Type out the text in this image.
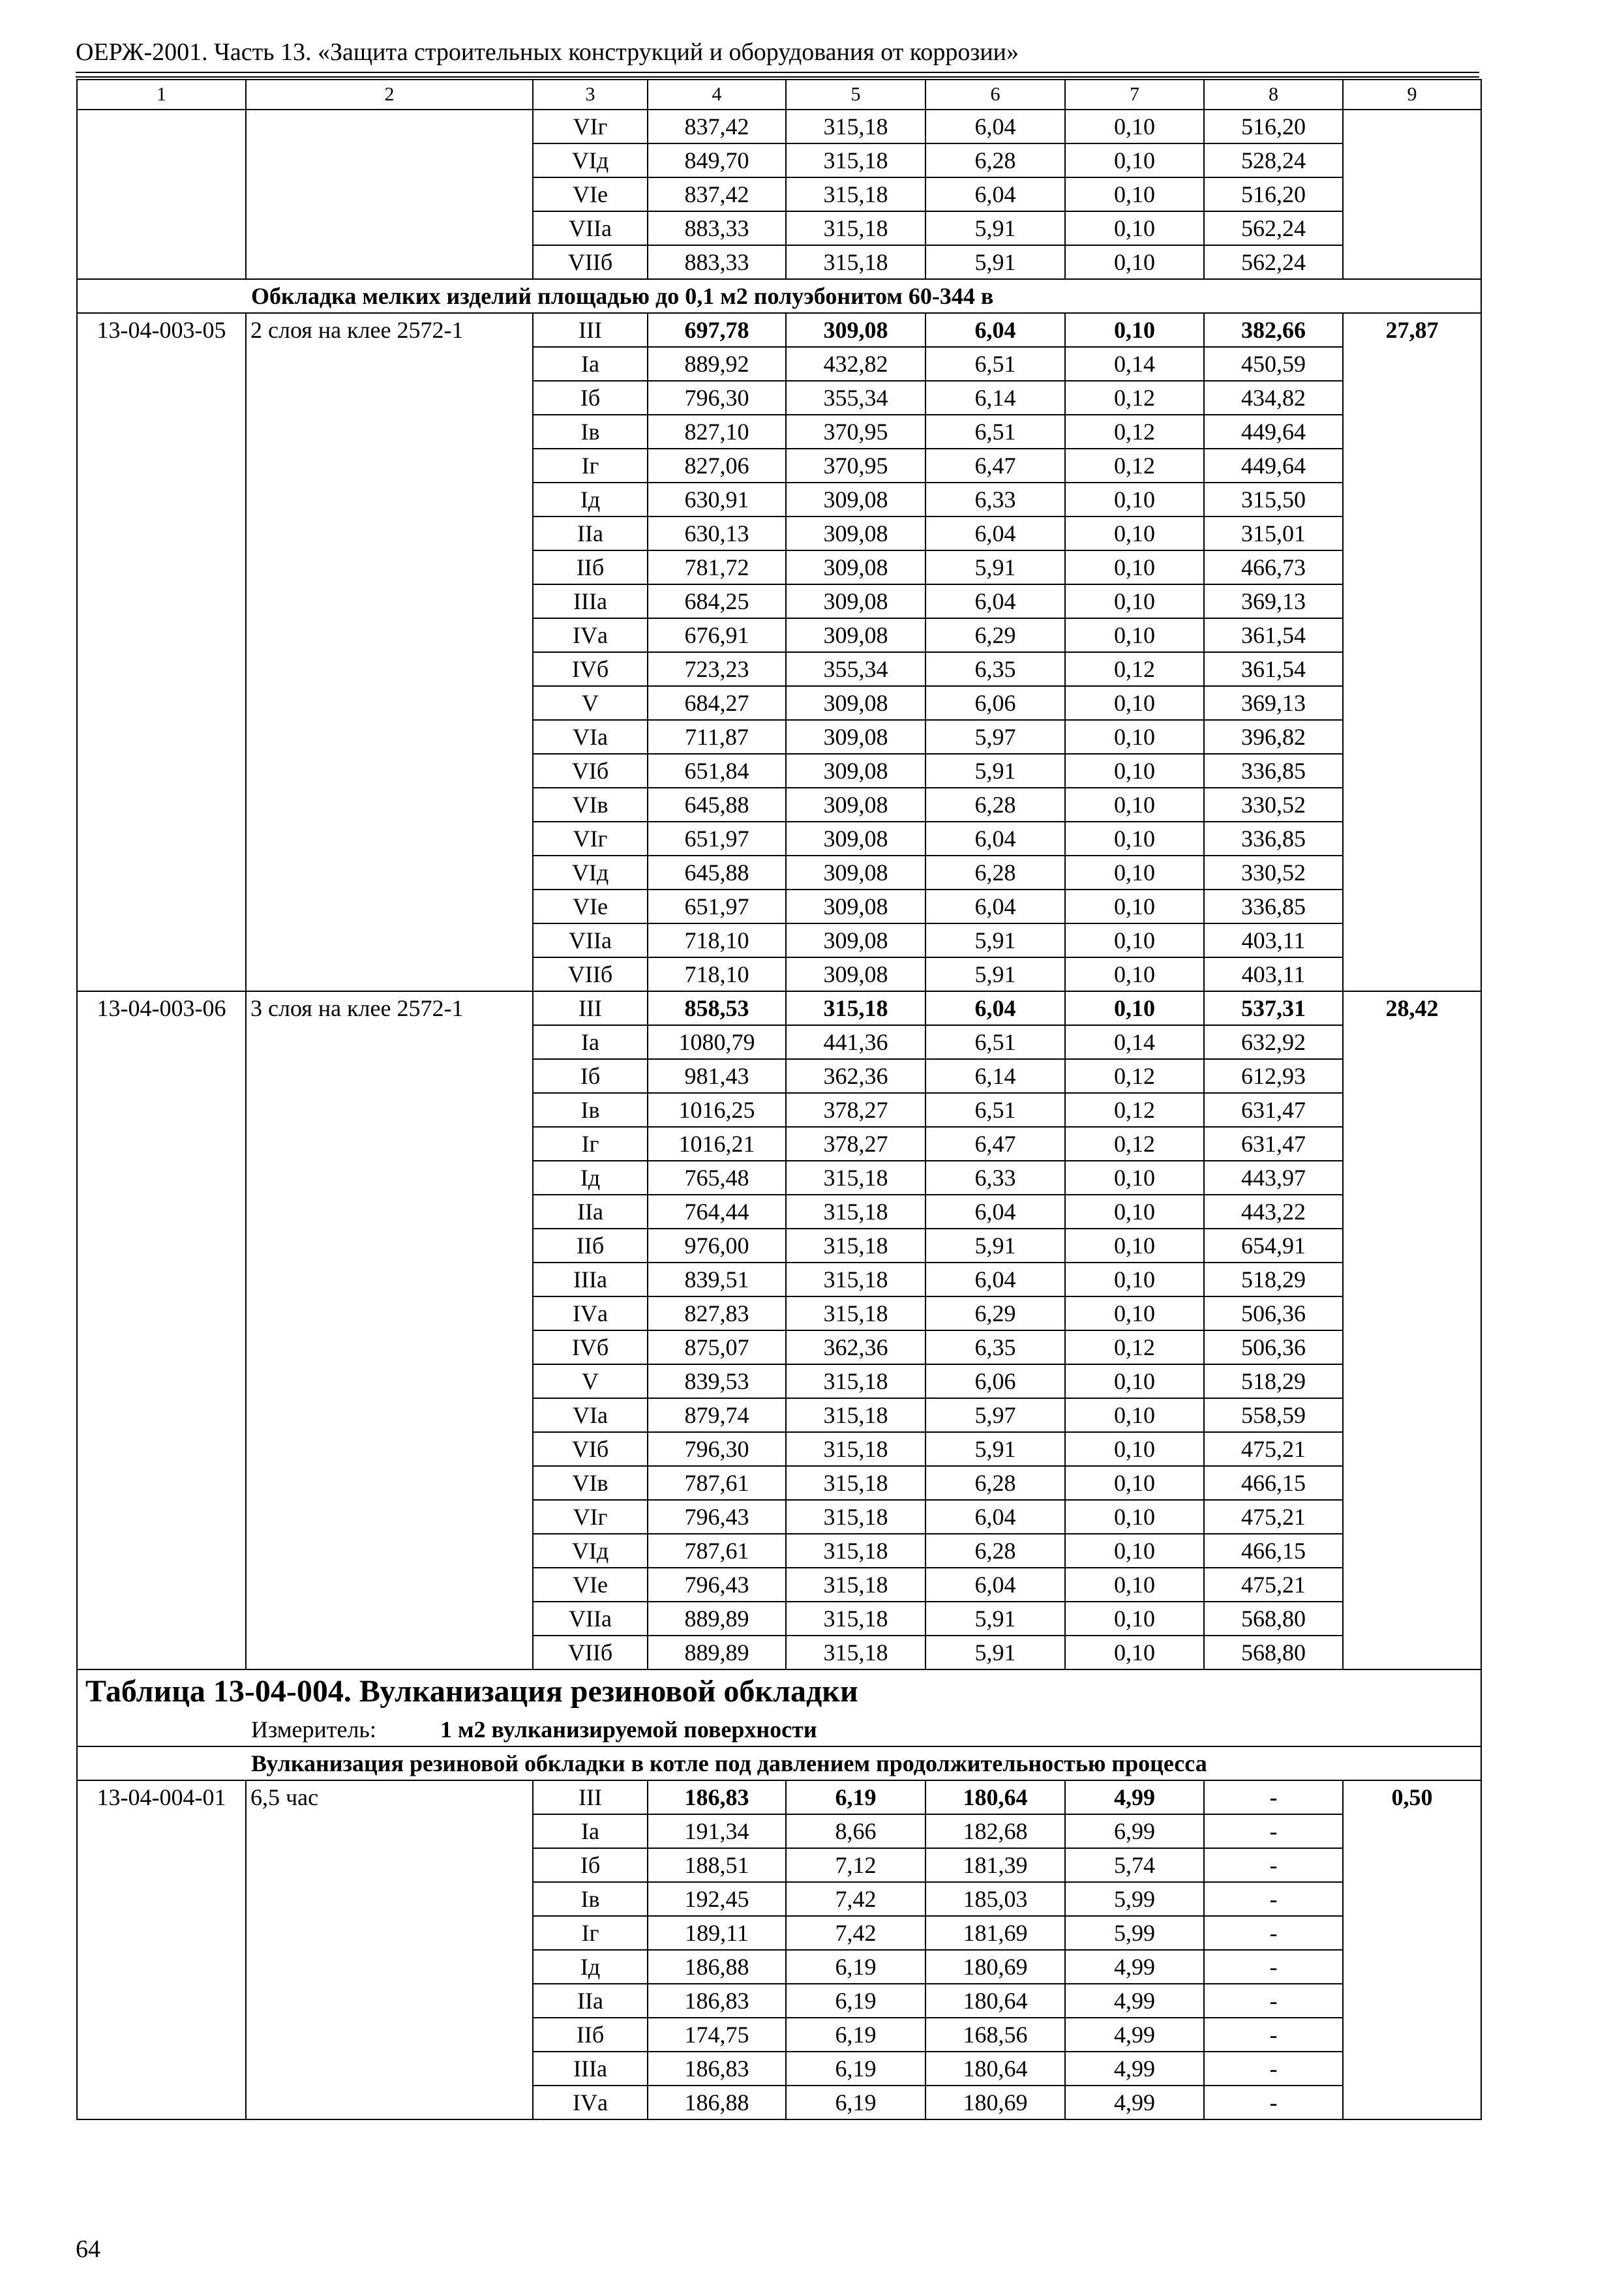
ОЕРЖ-2001. Часть 13. «Защита строительных конструкций и оборудования от коррозии»
1	2	3	4	5	6	7	8	9
		VIг	837,42	315,18	6,04	0,10	516,20	
		VIд	849,70	315,18	6,28	0,10	528,24	
		VIе	837,42	315,18	6,04	0,10	516,20	
		VIIа	883,33	315,18	5,91	0,10	562,24	
		VIIб	883,33	315,18	5,91	0,10	562,24	
Обкладка мелких изделий площадью до 0,1 м2 полуэбонитом 60-344 в								
13-04-003-05	2 слоя на клее 2572-1	III	697,78	309,08	6,04	0,10	382,66	27,87
		Iа	889,92	432,82	6,51	0,14	450,59	
		Iб	796,30	355,34	6,14	0,12	434,82	
		Iв	827,10	370,95	6,51	0,12	449,64	
		Iг	827,06	370,95	6,47	0,12	449,64	
		Iд	630,91	309,08	6,33	0,10	315,50	
		IIа	630,13	309,08	6,04	0,10	315,01	
		IIб	781,72	309,08	5,91	0,10	466,73	
		IIIа	684,25	309,08	6,04	0,10	369,13	
		IVа	676,91	309,08	6,29	0,10	361,54	
		IVб	723,23	355,34	6,35	0,12	361,54	
		V	684,27	309,08	6,06	0,10	369,13	
		VIа	711,87	309,08	5,97	0,10	396,82	
		VIб	651,84	309,08	5,91	0,10	336,85	
		VIв	645,88	309,08	6,28	0,10	330,52	
		VIг	651,97	309,08	6,04	0,10	336,85	
		VIд	645,88	309,08	6,28	0,10	330,52	
		VIе	651,97	309,08	6,04	0,10	336,85	
		VIIа	718,10	309,08	5,91	0,10	403,11	
		VIIб	718,10	309,08	5,91	0,10	403,11	
13-04-003-06	3 слоя на клее 2572-1	III	858,53	315,18	6,04	0,10	537,31	28,42
		Iа	1080,79	441,36	6,51	0,14	632,92	
		Iб	981,43	362,36	6,14	0,12	612,93	
		Iв	1016,25	378,27	6,51	0,12	631,47	
		Iг	1016,21	378,27	6,47	0,12	631,47	
		Iд	765,48	315,18	6,33	0,10	443,97	
		IIа	764,44	315,18	6,04	0,10	443,22	
		IIб	976,00	315,18	5,91	0,10	654,91	
		IIIа	839,51	315,18	6,04	0,10	518,29	
		IVа	827,83	315,18	6,29	0,10	506,36	
		IVб	875,07	362,36	6,35	0,12	506,36	
		V	839,53	315,18	6,06	0,10	518,29	
		VIа	879,74	315,18	5,97	0,10	558,59	
		VIб	796,30	315,18	5,91	0,10	475,21	
		VIв	787,61	315,18	6,28	0,10	466,15	
		VIг	796,43	315,18	6,04	0,10	475,21	
		VIд	787,61	315,18	6,28	0,10	466,15	
		VIе	796,43	315,18	6,04	0,10	475,21	
		VIIа	889,89	315,18	5,91	0,10	568,80	
		VIIб	889,89	315,18	5,91	0,10	568,80	
Таблица 13-04-004. Вулканизация резиновой обкладки								
Измеритель: 1 м2 вулканизируемой поверхности								
Вулканизация резиновой обкладки в котле под давлением продолжительностью процесса								
13-04-004-01	6,5 час	III	186,83	6,19	180,64	4,99	-	0,50
		Iа	191,34	8,66	182,68	6,99	-	
		Iб	188,51	7,12	181,39	5,74	-	
		Iв	192,45	7,42	185,03	5,99	-	
		Iг	189,11	7,42	181,69	5,99	-	
		Iд	186,88	6,19	180,69	4,99	-	
		IIа	186,83	6,19	180,64	4,99	-	
		IIб	174,75	6,19	168,56	4,99	-	
		IIIа	186,83	6,19	180,64	4,99	-	
		IVа	186,88	6,19	180,69	4,99	-	
64
